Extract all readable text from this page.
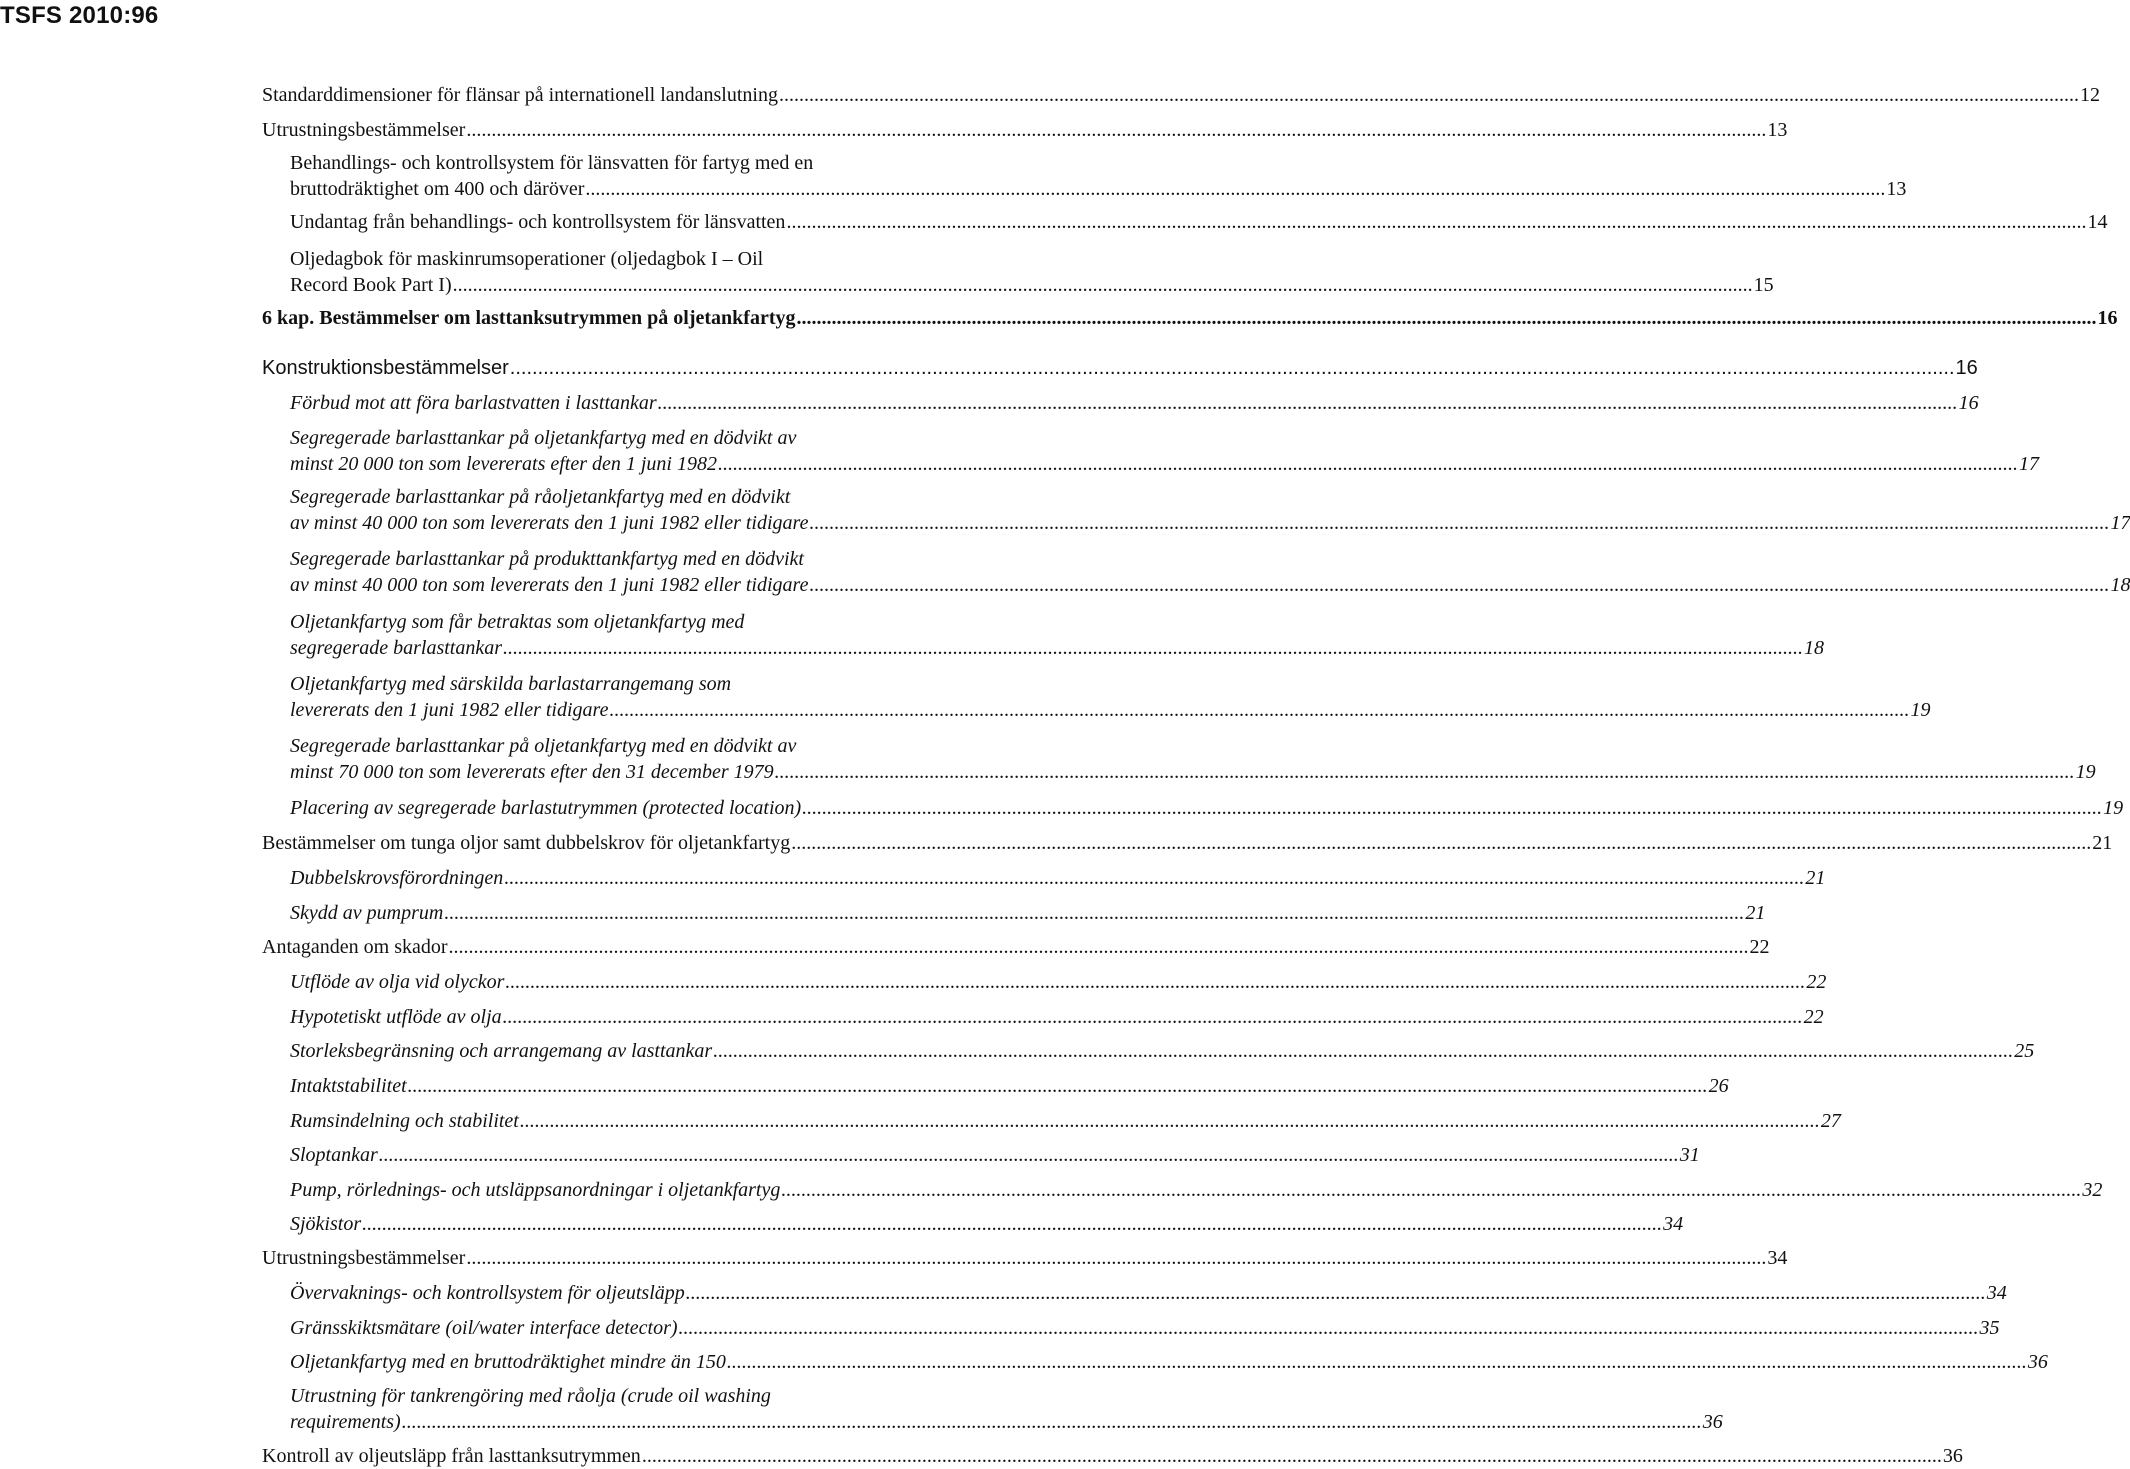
TSFS 2010:96
Standarddimensioner för flänsar på internationell landanslutning .................................................................................................................................................................................................................................................................... 12
Utrustningsbestämmelser .................................................................................................................................................................................................................................................................... 13
Behandlings- och kontrollsystem för länsvatten för fartyg med en
bruttodräktighet om 400 och däröver .................................................................................................................................................................................................................................................................... 13
Undantag från behandlings- och kontrollsystem för länsvatten .................................................................................................................................................................................................................................................................... 14
Oljedagbok för maskinrumsoperationer (oljedagbok I – Oil
Record Book Part I) .................................................................................................................................................................................................................................................................... 15
6 kap. Bestämmelser om lasttanksutrymmen på oljetankfartyg .................................................................................................................................................................................................................................................................... 16
Konstruktionsbestämmelser .................................................................................................................................................................................................................................................................... 16
Förbud mot att föra barlastvatten i lasttankar .................................................................................................................................................................................................................................................................... 16
Segregerade barlasttankar på oljetankfartyg med en dödvikt av
minst 20 000 ton som levererats efter den 1 juni 1982 .................................................................................................................................................................................................................................................................... 17
Segregerade barlasttankar på råoljetankfartyg med en dödvikt
av minst 40 000 ton som levererats den 1 juni 1982 eller tidigare .................................................................................................................................................................................................................................................................... 17
Segregerade barlasttankar på produkttankfartyg med en dödvikt
av minst 40 000 ton som levererats den 1 juni 1982 eller tidigare .................................................................................................................................................................................................................................................................... 18
Oljetankfartyg som får betraktas som oljetankfartyg med
segregerade barlasttankar .................................................................................................................................................................................................................................................................... 18
Oljetankfartyg med särskilda barlastarrangemang som
levererats den 1 juni 1982 eller tidigare .................................................................................................................................................................................................................................................................... 19
Segregerade barlasttankar på oljetankfartyg med en dödvikt av
minst 70 000 ton som levererats efter den 31 december 1979 .................................................................................................................................................................................................................................................................... 19
Placering av segregerade barlastutrymmen (protected location) .................................................................................................................................................................................................................................................................... 19
Bestämmelser om tunga oljor samt dubbelskrov för oljetankfartyg .................................................................................................................................................................................................................................................................... 21
Dubbelskrovsförordningen .................................................................................................................................................................................................................................................................... 21
Skydd av pumprum .................................................................................................................................................................................................................................................................... 21
Antaganden om skador .................................................................................................................................................................................................................................................................... 22
Utflöde av olja vid olyckor .................................................................................................................................................................................................................................................................... 22
Hypotetiskt utflöde av olja .................................................................................................................................................................................................................................................................... 22
Storleksbegränsning och arrangemang av lasttankar .................................................................................................................................................................................................................................................................... 25
Intaktstabilitet .................................................................................................................................................................................................................................................................... 26
Rumsindelning och stabilitet .................................................................................................................................................................................................................................................................... 27
Sloptankar .................................................................................................................................................................................................................................................................... 31
Pump, rörlednings- och utsläppsanordningar i oljetankfartyg .................................................................................................................................................................................................................................................................... 32
Sjökistor .................................................................................................................................................................................................................................................................... 34
Utrustningsbestämmelser .................................................................................................................................................................................................................................................................... 34
Övervaknings- och kontrollsystem för oljeutsläpp .................................................................................................................................................................................................................................................................... 34
Gränsskiktsmätare (oil/water interface detector) .................................................................................................................................................................................................................................................................... 35
Oljetankfartyg med en bruttodräktighet mindre än 150 .................................................................................................................................................................................................................................................................... 36
Utrustning för tankrengöring med råolja (crude oil washing
requirements) .................................................................................................................................................................................................................................................................... 36
Kontroll av oljeutsläpp från lasttanksutrymmen .................................................................................................................................................................................................................................................................... 36
